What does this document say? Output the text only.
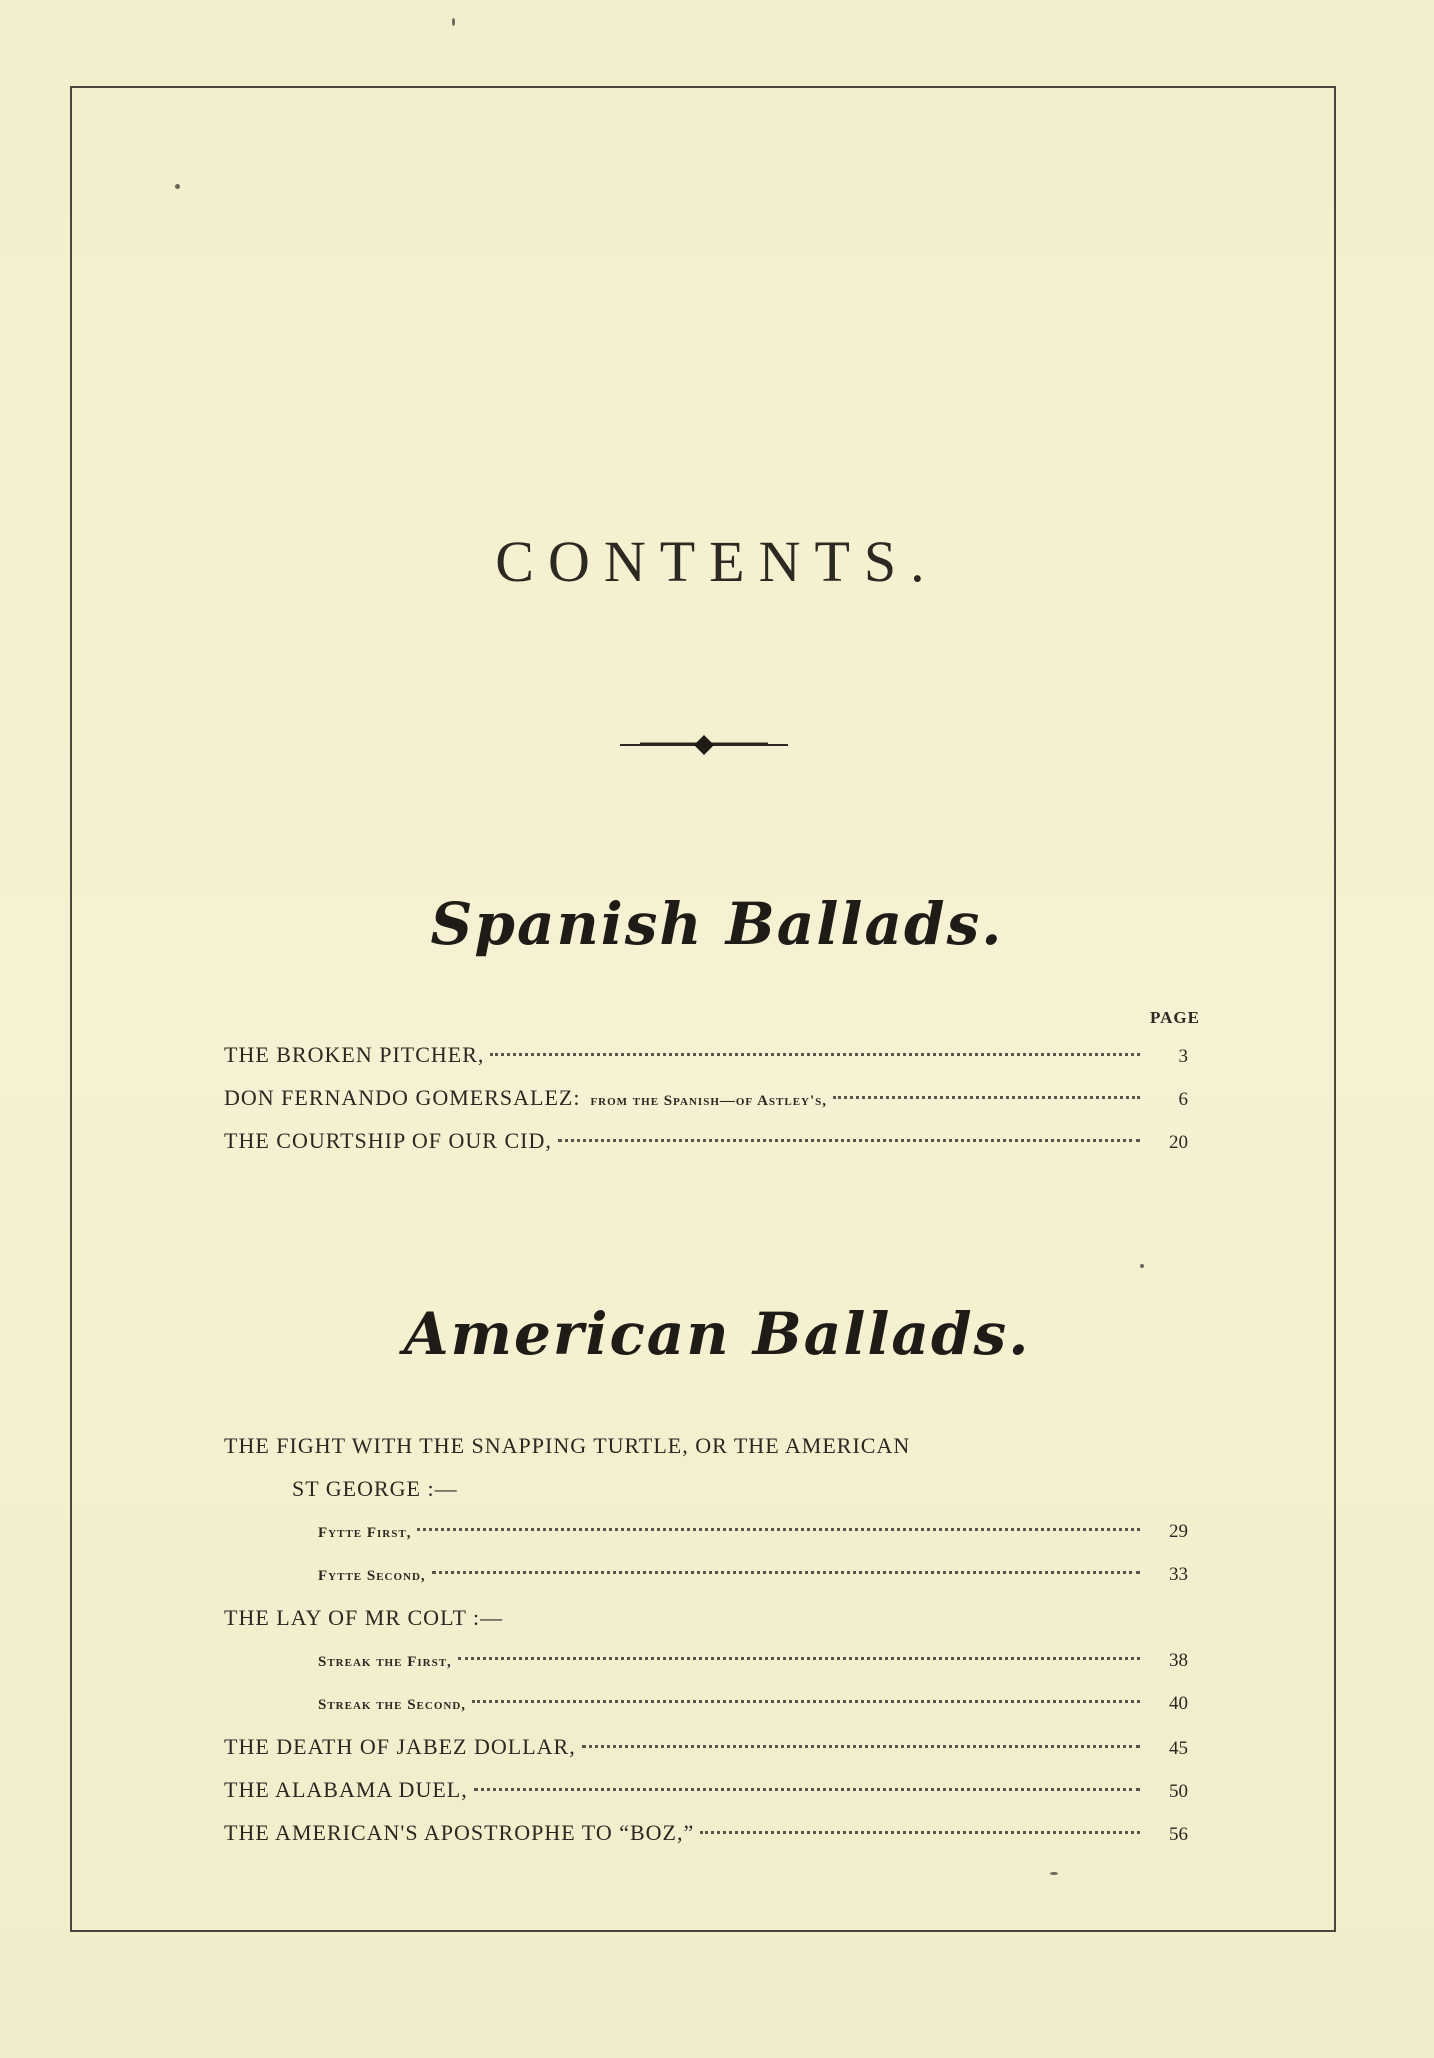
CONTENTS.
Spanish Ballads.
PAGE
THE BROKEN PITCHER,	3
DON FERNANDO GOMERSALEZ: from the Spanish—of Astley's,	6
THE COURTSHIP OF OUR CID,	20
American Ballads.
THE FIGHT WITH THE SNAPPING TURTLE, OR THE AMERICAN
ST GEORGE :—
Fytte First,	29
Fytte Second,	33
THE LAY OF MR COLT :—
Streak the First,	38
Streak the Second,	40
THE DEATH OF JABEZ DOLLAR,	45
THE ALABAMA DUEL,	50
THE AMERICAN'S APOSTROPHE TO “BOZ,”	56
